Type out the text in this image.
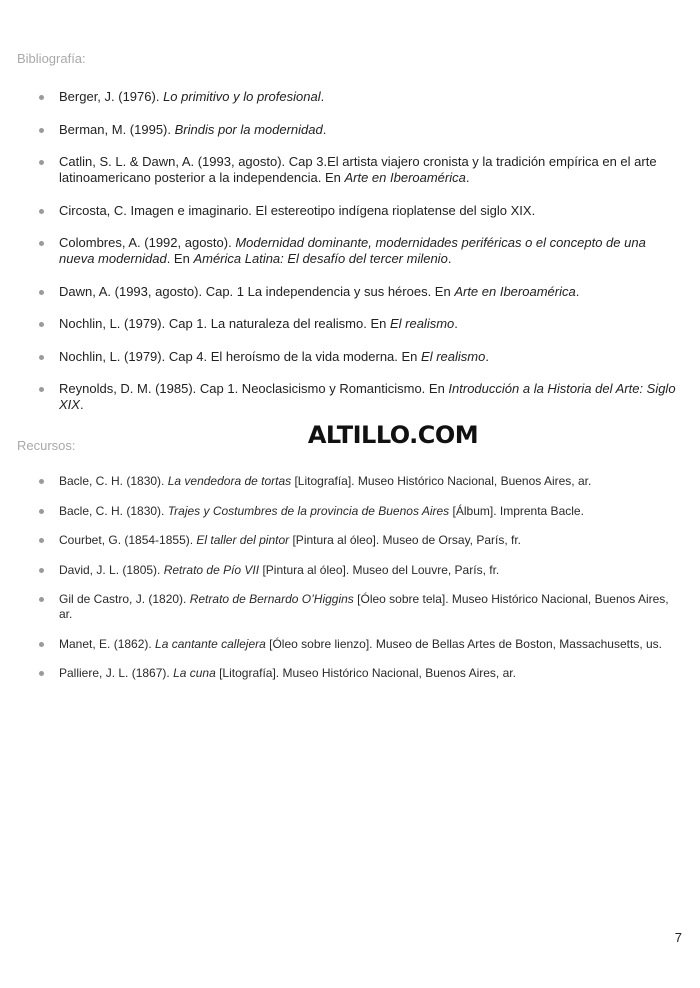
Bibliografía:
Berger, J. (1976). Lo primitivo y lo profesional.
Berman, M. (1995). Brindis por la modernidad.
Catlin, S. L. & Dawn, A. (1993, agosto). Cap 3.El artista viajero cronista y la tradición empírica en el arte latinoamericano posterior a la independencia. En Arte en Iberoamérica.
Circosta, C. Imagen e imaginario. El estereotipo indígena rioplatense del siglo XIX.
Colombres, A. (1992, agosto). Modernidad dominante, modernidades periféricas o el concepto de una nueva modernidad. En América Latina: El desafío del tercer milenio.
Dawn, A. (1993, agosto). Cap. 1 La independencia y sus héroes. En Arte en Iberoamérica.
Nochlin, L. (1979). Cap 1. La naturaleza del realismo. En El realismo.
Nochlin, L. (1979). Cap 4. El heroísmo de la vida moderna. En El realismo.
Reynolds, D. M. (1985). Cap 1. Neoclasicismo y Romanticismo. En Introducción a la Historia del Arte: Siglo XIX.
ALTILLO.COM
Recursos:
Bacle, C. H. (1830). La vendedora de tortas [Litografía]. Museo Histórico Nacional, Buenos Aires, ar.
Bacle, C. H. (1830). Trajes y Costumbres de la provincia de Buenos Aires [Álbum]. Imprenta Bacle.
Courbet, G. (1854-1855). El taller del pintor [Pintura al óleo]. Museo de Orsay, París, fr.
David, J. L. (1805). Retrato de Pío VII [Pintura al óleo]. Museo del Louvre, París, fr.
Gil de Castro, J. (1820). Retrato de Bernardo O’Higgins [Óleo sobre tela]. Museo Histórico Nacional, Buenos Aires, ar.
Manet, E. (1862). La cantante callejera [Óleo sobre lienzo]. Museo de Bellas Artes de Boston, Massachusetts, us.
Palliere, J. L. (1867). La cuna [Litografía]. Museo Histórico Nacional, Buenos Aires, ar.
7
